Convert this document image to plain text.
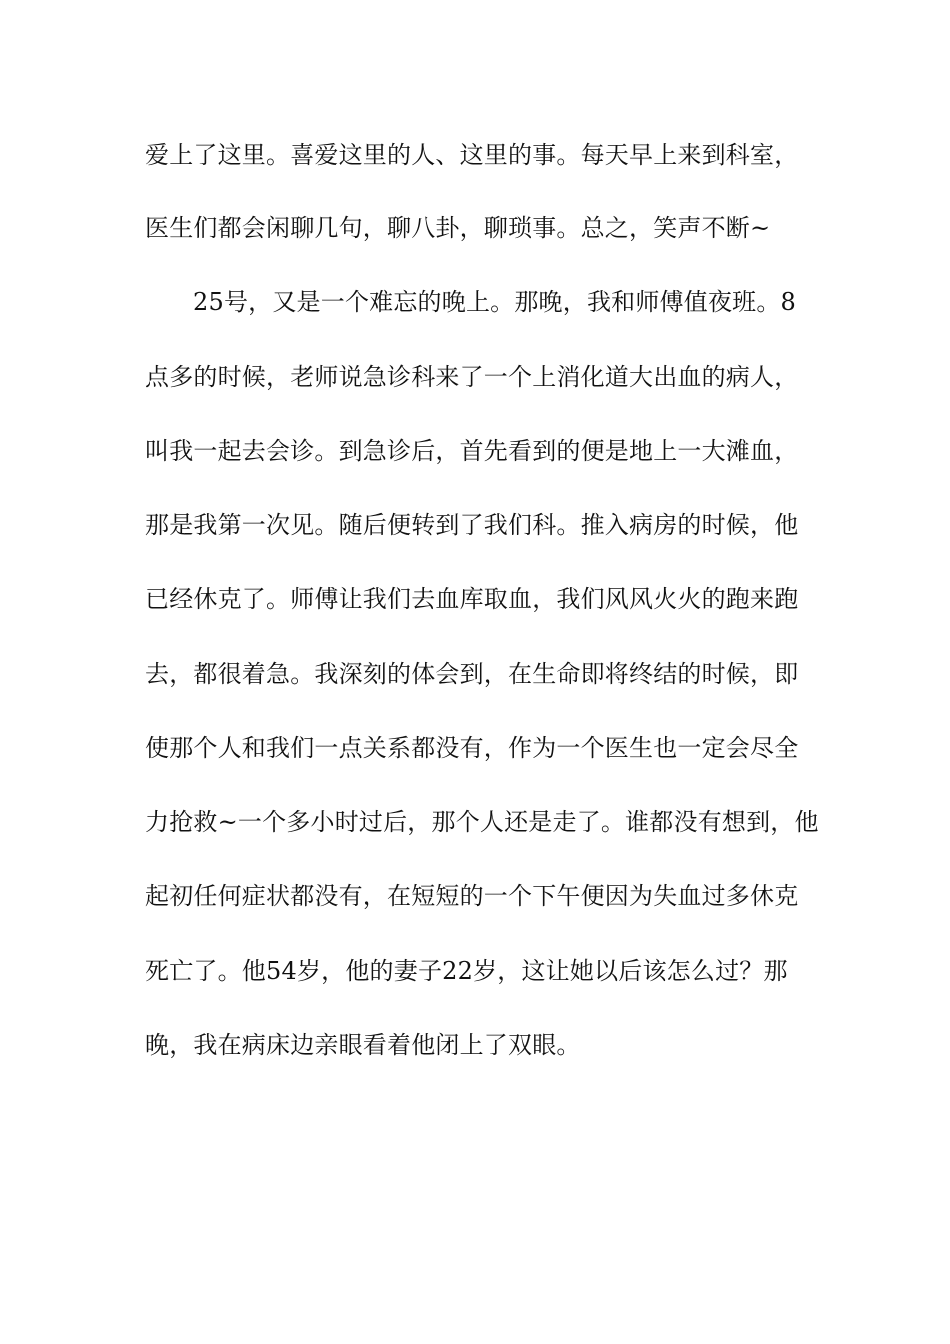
爱上了这里。喜爱这里的人、这里的事。每天早上来到科室，
医生们都会闲聊几句，聊八卦，聊琐事。总之，笑声不断~
25号，又是一个难忘的晚上。那晚，我和师傅值夜班。8
点多的时候，老师说急诊科来了一个上消化道大出血的病人，
叫我一起去会诊。到急诊后，首先看到的便是地上一大滩血，
那是我第一次见。随后便转到了我们科。推入病房的时候，他
已经休克了。师傅让我们去血库取血，我们风风火火的跑来跑
去，都很着急。我深刻的体会到，在生命即将终结的时候，即
使那个人和我们一点关系都没有，作为一个医生也一定会尽全
力抢救~一个多小时过后，那个人还是走了。谁都没有想到，他
起初任何症状都没有，在短短的一个下午便因为失血过多休克
死亡了。他54岁，他的妻子22岁，这让她以后该怎么过？那
晚，我在病床边亲眼看着他闭上了双眼。
